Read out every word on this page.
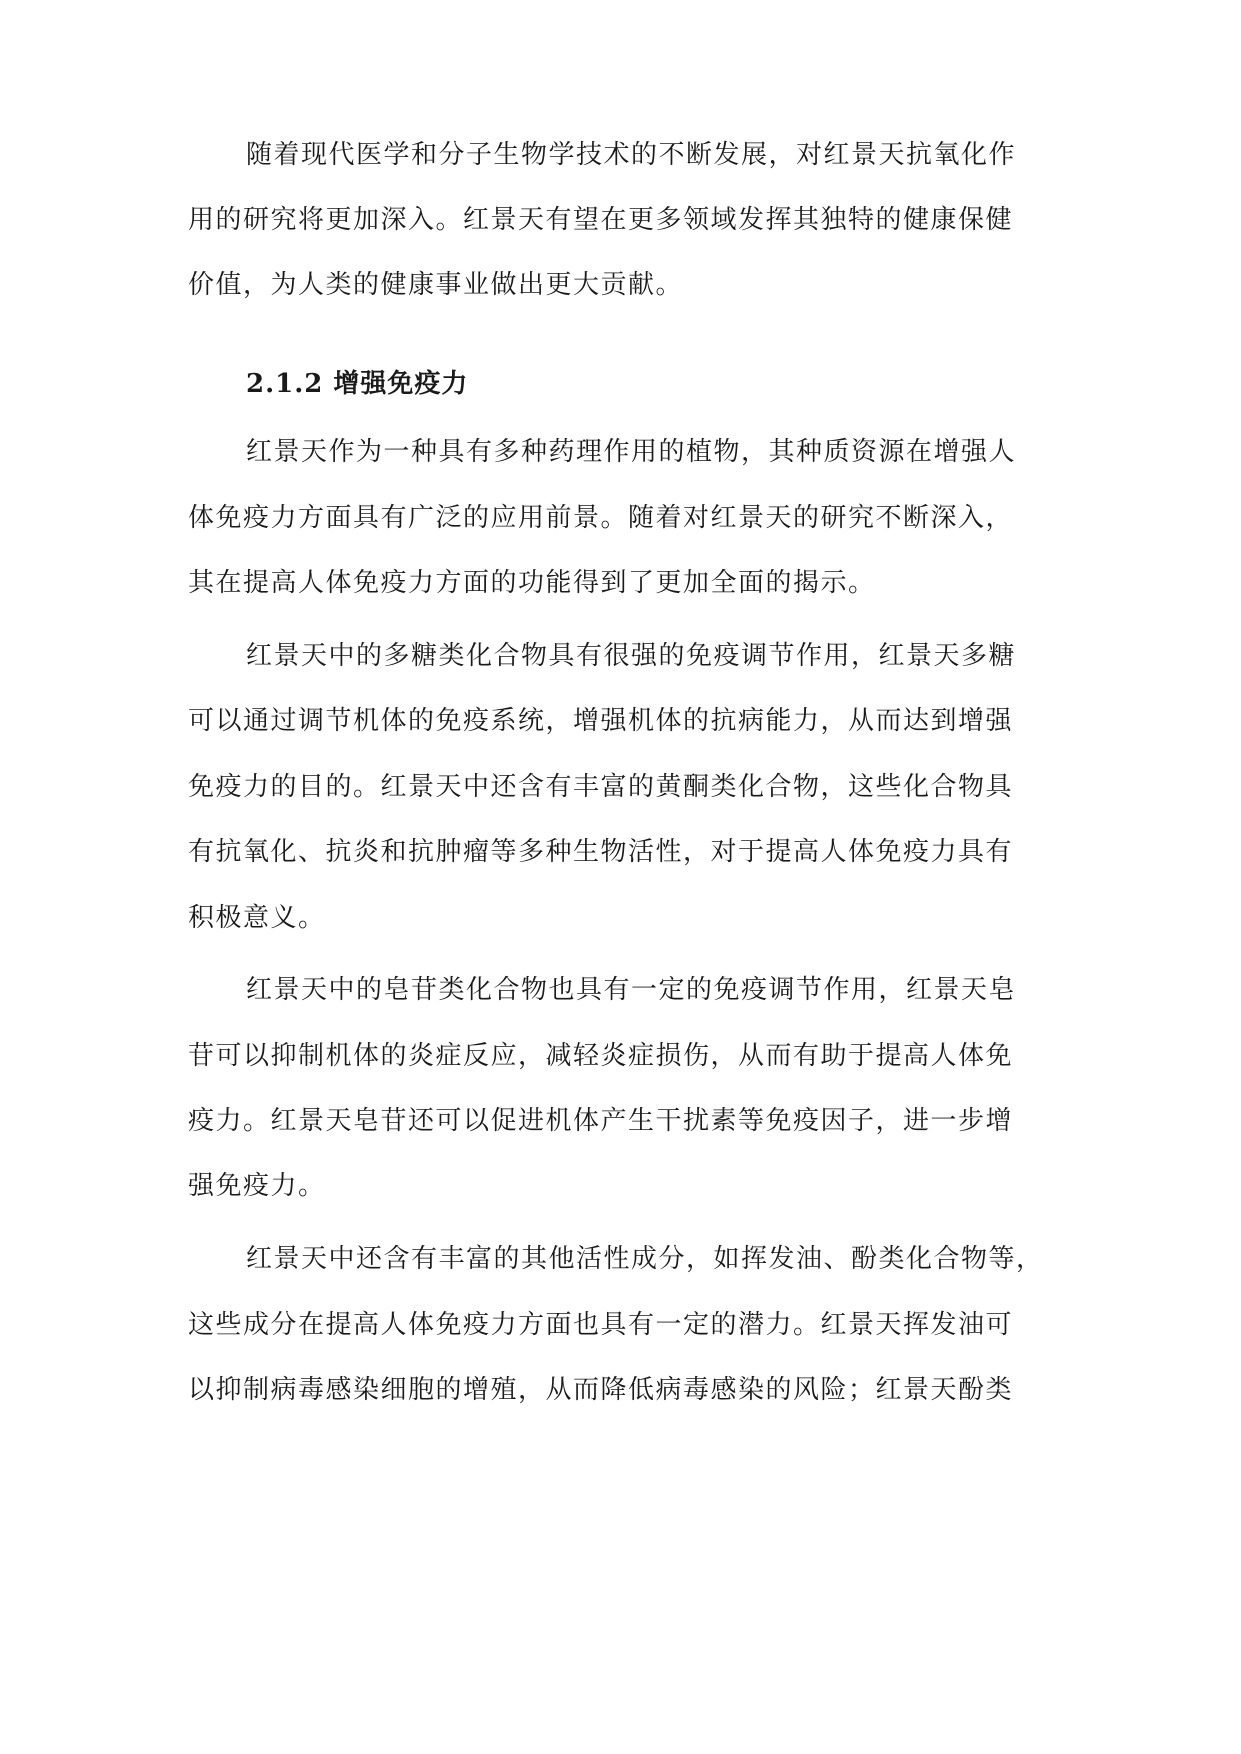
随着现代医学和分子生物学技术的不断发展，对红景天抗氧化作
用的研究将更加深入。红景天有望在更多领域发挥其独特的健康保健
价值，为人类的健康事业做出更大贡献。
2.1.2 增强免疫力
红景天作为一种具有多种药理作用的植物，其种质资源在增强人
体免疫力方面具有广泛的应用前景。随着对红景天的研究不断深入，
其在提高人体免疫力方面的功能得到了更加全面的揭示。
红景天中的多糖类化合物具有很强的免疫调节作用，红景天多糖
可以通过调节机体的免疫系统，增强机体的抗病能力，从而达到增强
免疫力的目的。红景天中还含有丰富的黄酮类化合物，这些化合物具
有抗氧化、抗炎和抗肿瘤等多种生物活性，对于提高人体免疫力具有
积极意义。
红景天中的皂苷类化合物也具有一定的免疫调节作用，红景天皂
苷可以抑制机体的炎症反应，减轻炎症损伤，从而有助于提高人体免
疫力。红景天皂苷还可以促进机体产生干扰素等免疫因子，进一步增
强免疫力。
红景天中还含有丰富的其他活性成分，如挥发油、酚类化合物等，
这些成分在提高人体免疫力方面也具有一定的潜力。红景天挥发油可
以抑制病毒感染细胞的增殖，从而降低病毒感染的风险；红景天酚类
